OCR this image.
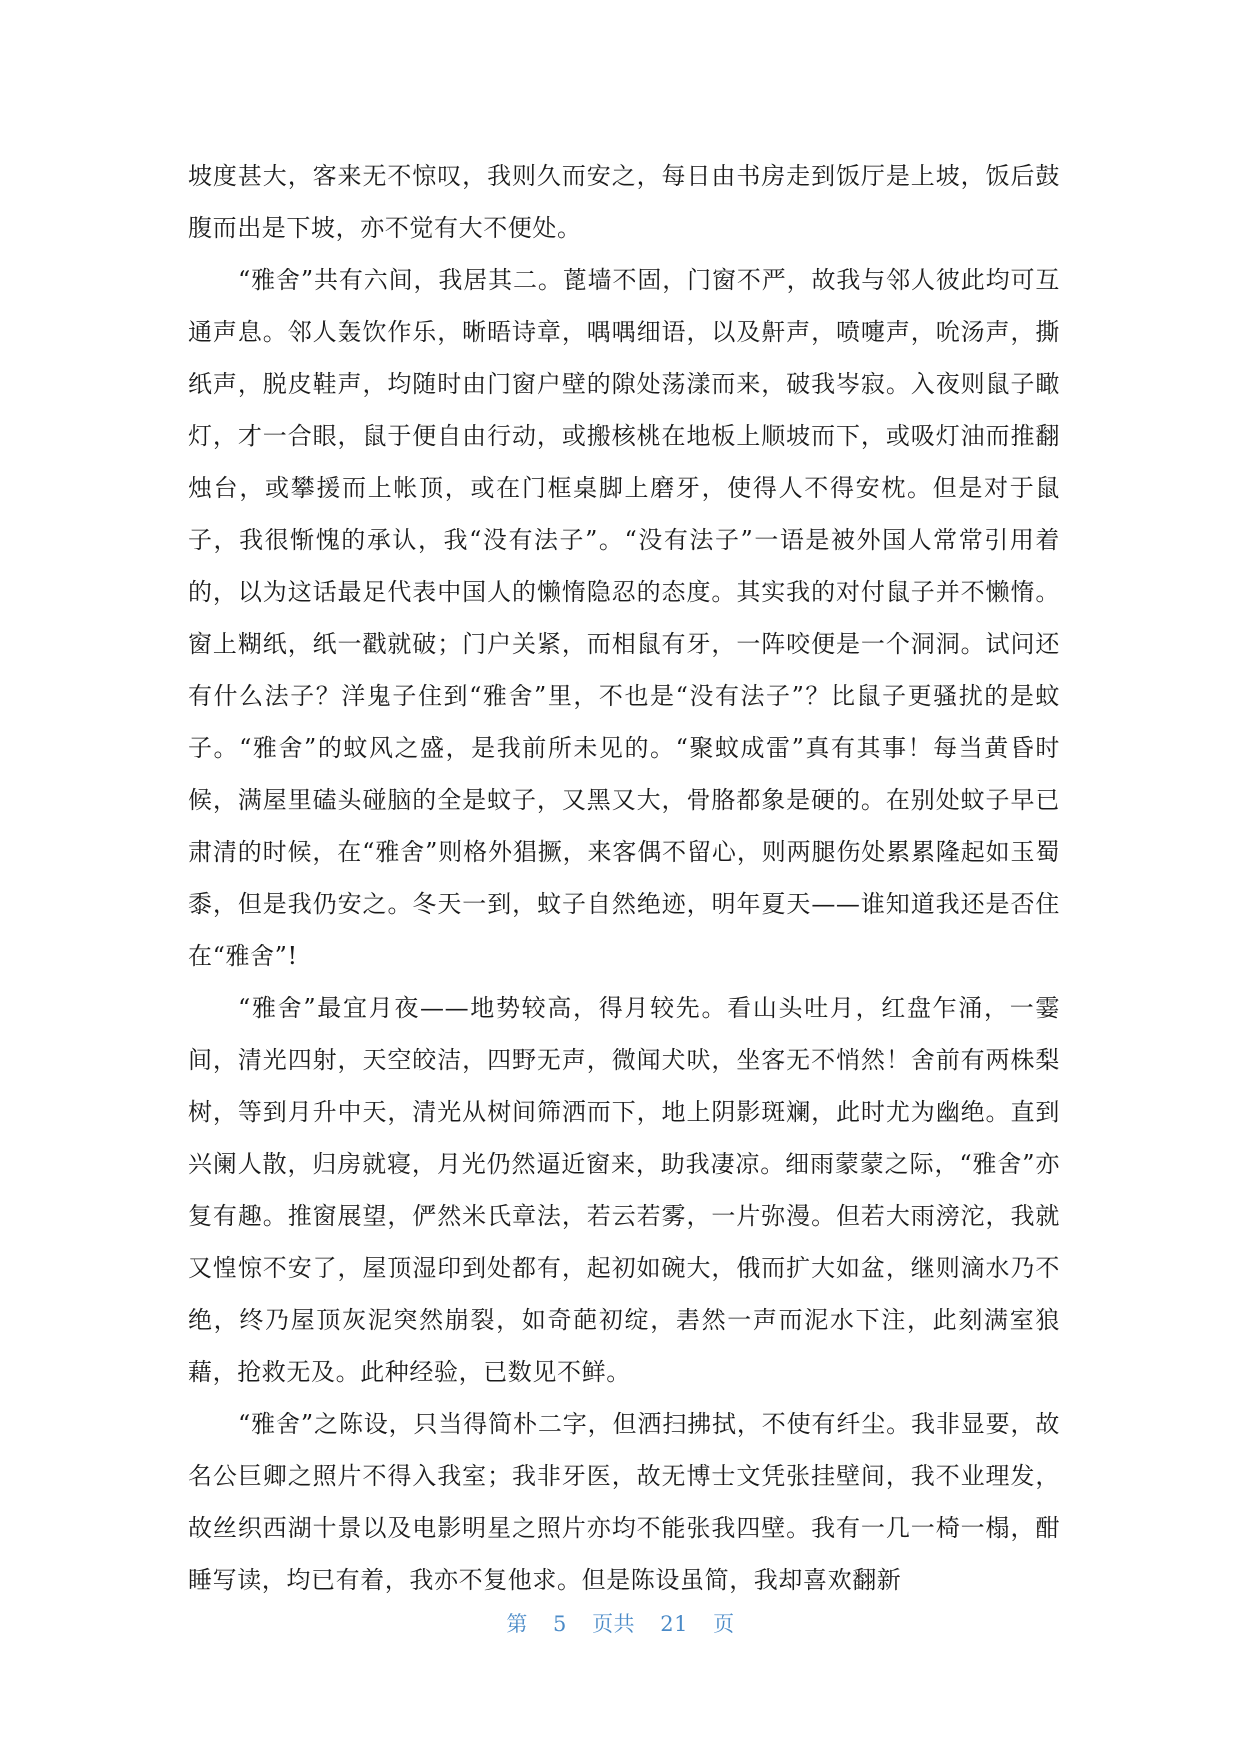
坡度甚大，客来无不惊叹，我则久而安之，每日由书房走到饭厅是上坡，饭后鼓腹而出是下坡，亦不觉有大不便处。

“雅舍”共有六间，我居其二。蓖墙不固，门窗不严，故我与邻人彼此均可互通声息。邻人轰饮作乐，晰晤诗章，喁喁细语，以及鼾声，喷嚏声，吮汤声，撕纸声，脱皮鞋声，均随时由门窗户壁的隙处荡漾而来，破我岑寂。入夜则鼠子瞰灯，才一合眼，鼠于便自由行动，或搬核桃在地板上顺坡而下，或吸灯油而推翻烛台，或攀援而上帐顶，或在门框桌脚上磨牙，使得人不得安枕。但是对于鼠子，我很惭愧的承认，我“没有法子”。“没有法子”一语是被外国人常常引用着的，以为这话最足代表中国人的懒惰隐忍的态度。其实我的对付鼠子并不懒惰。窗上糊纸，纸一戳就破；门户关紧，而相鼠有牙，一阵咬便是一个洞洞。试问还有什么法子？洋鬼子住到“雅舍”里，不也是“没有法子”？比鼠子更骚扰的是蚊子。“雅舍”的蚊风之盛，是我前所未见的。“聚蚊成雷”真有其事！每当黄昏时候，满屋里磕头碰脑的全是蚊子，又黑又大，骨胳都象是硬的。在别处蚊子早已肃清的时候，在“雅舍”则格外猖撅，来客偶不留心，则两腿伤处累累隆起如玉蜀黍，但是我仍安之。冬天一到，蚊子自然绝迹，明年夏天——谁知道我还是否住在“雅舍”!

“雅舍”最宜月夜——地势较高，得月较先。看山头吐月，红盘乍涌，一霎间，清光四射，天空皎洁，四野无声，微闻犬吠，坐客无不悄然！舍前有两株梨树，等到月升中天，清光从树间筛洒而下，地上阴影斑斓，此时尤为幽绝。直到兴阑人散，归房就寝，月光仍然逼近窗来，助我凄凉。细雨蒙蒙之际，“雅舍”亦复有趣。推窗展望，俨然米氏章法，若云若雾，一片弥漫。但若大雨滂沱，我就又惶惊不安了，屋顶湿印到处都有，起初如碗大，俄而扩大如盆，继则滴水乃不绝，终乃屋顶灰泥突然崩裂，如奇葩初绽，砉然一声而泥水下注，此刻满室狼藉，抢救无及。此种经验，已数见不鲜。

“雅舍”之陈设，只当得简朴二字，但洒扫拂拭，不使有纤尘。我非显要，故名公巨卿之照片不得入我室；我非牙医，故无博士文凭张挂壁间，我不业理发，故丝织西湖十景以及电影明星之照片亦均不能张我四壁。我有一几一椅一榻，酣睡写读，均已有着，我亦不复他求。但是陈设虽简，我却喜欢翻新

第 5 页共 21 页
